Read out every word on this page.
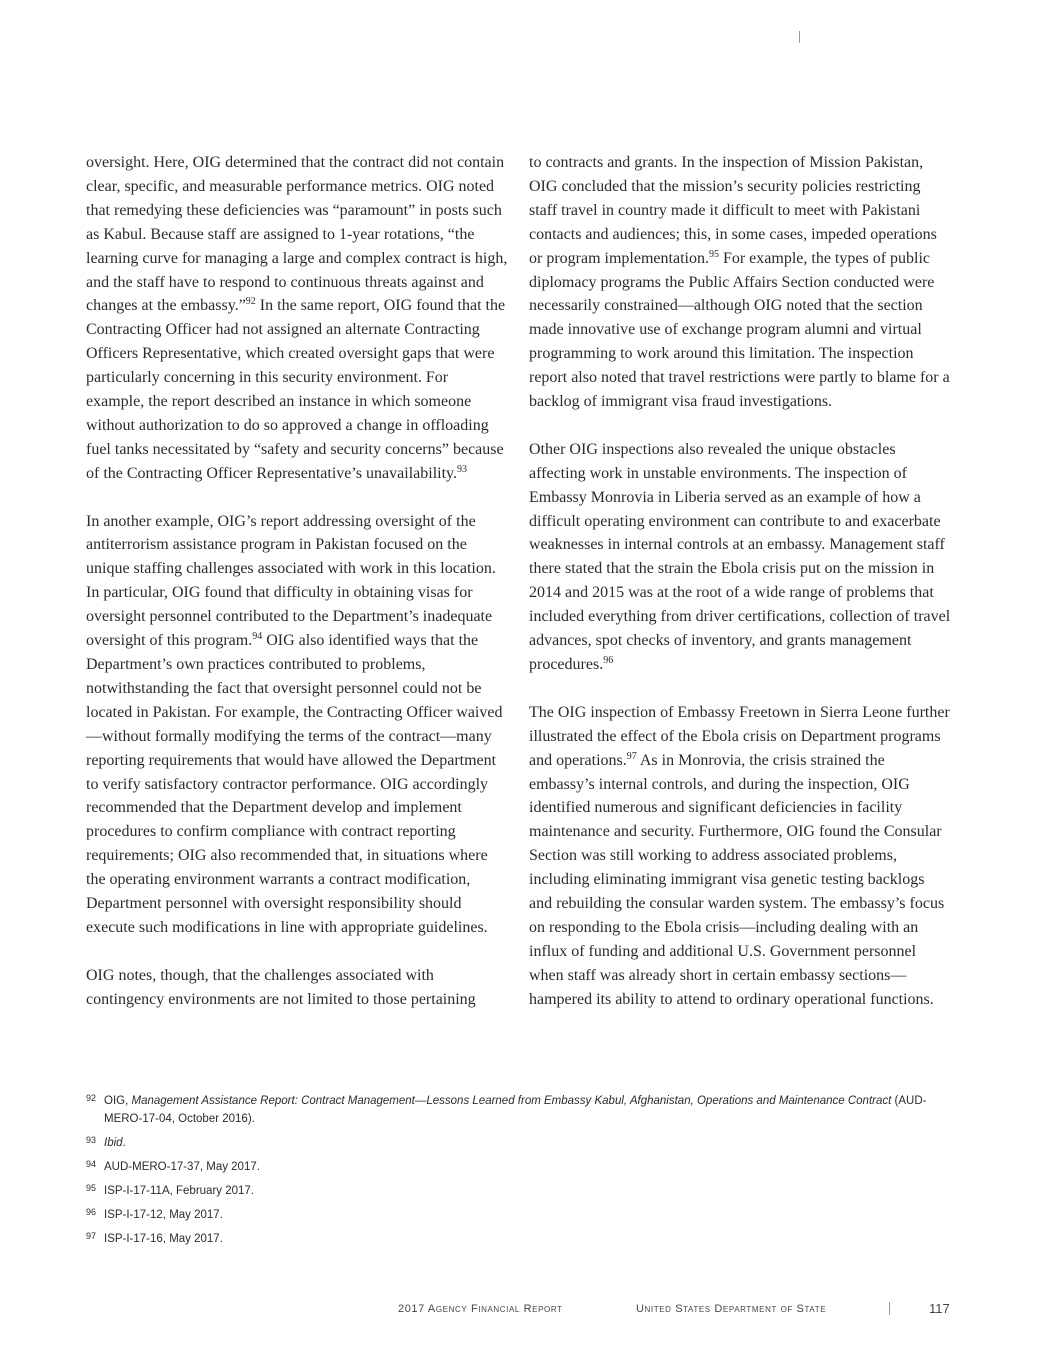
oversight. Here, OIG determined that the contract did not contain clear, specific, and measurable performance metrics. OIG noted that remedying these deficiencies was “paramount” in posts such as Kabul. Because staff are assigned to 1-year rotations, “the learning curve for managing a large and complex contract is high, and the staff have to respond to continuous threats against and changes at the embassy.”$^{92}$ In the same report, OIG found that the Contracting Officer had not assigned an alternate Contracting Officers Representative, which created oversight gaps that were particularly concerning in this security environment. For example, the report described an instance in which someone without authorization to do so approved a change in offloading fuel tanks necessitated by “safety and security concerns” because of the Contracting Officer Representative’s unavailability.$^{93}$

In another example, OIG’s report addressing oversight of the antiterrorism assistance program in Pakistan focused on the unique staffing challenges associated with work in this location. In particular, OIG found that difficulty in obtaining visas for oversight personnel contributed to the Department’s inadequate oversight of this program.$^{94}$ OIG also identified ways that the Department’s own practices contributed to problems, notwithstanding the fact that oversight personnel could not be located in Pakistan. For example, the Contracting Officer waived—without formally modifying the terms of the contract—many reporting requirements that would have allowed the Department to verify satisfactory contractor performance. OIG accordingly recommended that the Department develop and implement procedures to confirm compliance with contract reporting requirements; OIG also recommended that, in situations where the operating environment warrants a contract modification, Department personnel with oversight responsibility should execute such modifications in line with appropriate guidelines.

OIG notes, though, that the challenges associated with contingency environments are not limited to those pertaining

to contracts and grants. In the inspection of Mission Pakistan, OIG concluded that the mission’s security policies restricting staff travel in country made it difficult to meet with Pakistani contacts and audiences; this, in some cases, impeded operations or program implementation.$^{95}$ For example, the types of public diplomacy programs the Public Affairs Section conducted were necessarily constrained—although OIG noted that the section made innovative use of exchange program alumni and virtual programming to work around this limitation. The inspection report also noted that travel restrictions were partly to blame for a backlog of immigrant visa fraud investigations.

Other OIG inspections also revealed the unique obstacles affecting work in unstable environments. The inspection of Embassy Monrovia in Liberia served as an example of how a difficult operating environment can contribute to and exacerbate weaknesses in internal controls at an embassy. Management staff there stated that the strain the Ebola crisis put on the mission in 2014 and 2015 was at the root of a wide range of problems that included everything from driver certifications, collection of travel advances, spot checks of inventory, and grants management procedures.$^{96}$

The OIG inspection of Embassy Freetown in Sierra Leone further illustrated the effect of the Ebola crisis on Department programs and operations.$^{97}$ As in Monrovia, the crisis strained the embassy’s internal controls, and during the inspection, OIG identified numerous and significant deficiencies in facility maintenance and security. Furthermore, OIG found the Consular Section was still working to address associated problems, including eliminating immigrant visa genetic testing backlogs and rebuilding the consular warden system. The embassy’s focus on responding to the Ebola crisis—including dealing with an influx of funding and additional U.S. Government personnel when staff was already short in certain embassy sections—hampered its ability to attend to ordinary operational functions.

92 OIG, Management Assistance Report: Contract Management—Lessons Learned from Embassy Kabul, Afghanistan, Operations and Maintenance Contract (AUD-MERO-17-04, October 2016).
93 Ibid.
94 AUD-MERO-17-37, May 2017.
95 ISP-I-17-11A, February 2017.
96 ISP-I-17-12, May 2017.
97 ISP-I-17-16, May 2017.
2017 Agency Financial Report	United States Department of State	117
